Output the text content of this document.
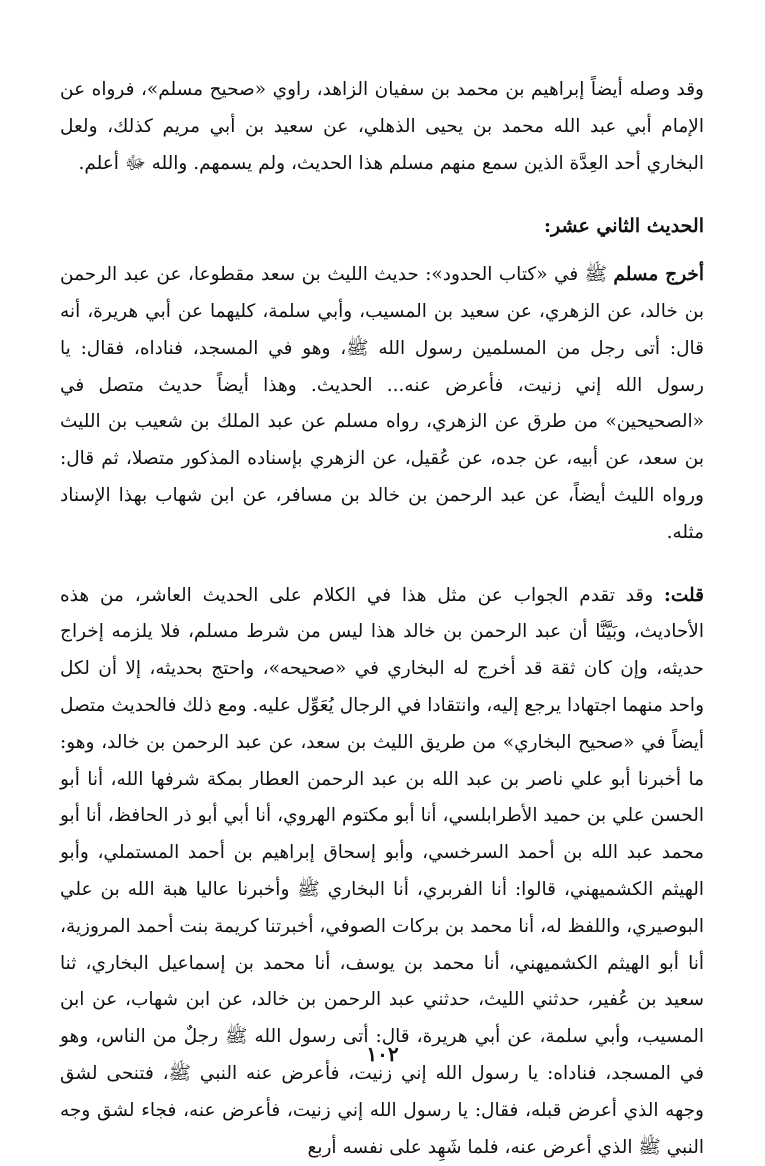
وقد وصله أيضاً إبراهيم بن محمد بن سفيان الزاهد، راوي «صحيح مسلم»، فرواه عن الإمام أبي عبد الله محمد بن يحيى الذهلي، عن سعيد بن أبي مريم كذلك، ولعل البخاري أحد العِدَّة الذين سمع منهم مسلم هذا الحديث، ولم يسمهم. والله ﷻ أعلم.

الحديث الثاني عشر:

أخرج مسلم ﷺ في «كتاب الحدود»: حديث الليث بن سعد مقطوعا، عن عبد الرحمن بن خالد، عن الزهري، عن سعيد بن المسيب، وأبي سلمة، كليهما عن أبي هريرة، أنه قال: أتى رجل من المسلمين رسول الله ﷺ، وهو في المسجد، فناداه، فقال: يا رسول الله إني زنيت، فأعرض عنه... الحديث. وهذا أيضاً حديث متصل في «الصحيحين» من طرق عن الزهري، رواه مسلم عن عبد الملك بن شعيب بن الليث بن سعد، عن أبيه، عن جده، عن عُقيل، عن الزهري بإسناده المذكور متصلا، ثم قال: ورواه الليث أيضاً، عن عبد الرحمن بن خالد بن مسافر، عن ابن شهاب بهذا الإسناد مثله.

قلت: وقد تقدم الجواب عن مثل هذا في الكلام على الحديث العاشر، من هذه الأحاديث، وبَيَّنَّا أن عبد الرحمن بن خالد هذا ليس من شرط مسلم، فلا يلزمه إخراج حديثه، وإن كان ثقة قد أخرج له البخاري في «صحيحه»، واحتج بحديثه، إلا أن لكل واحد منهما اجتهادا يرجع إليه، وانتقادا في الرجال يُعَوِّل عليه. ومع ذلك فالحديث متصل أيضاً في «صحيح البخاري» من طريق الليث بن سعد، عن عبد الرحمن بن خالد، وهو: ما أخبرنا أبو علي ناصر بن عبد الله بن عبد الرحمن العطار بمكة شرفها الله، أنا أبو الحسن علي بن حميد الأطرابلسي، أنا أبو مكتوم الهروي، أنا أبي أبو ذر الحافظ، أنا أبو محمد عبد الله بن أحمد السرخسي، وأبو إسحاق إبراهيم بن أحمد المستملي، وأبو الهيثم الكشميهني، قالوا: أنا الفربري، أنا البخاري ﷺ وأخبرنا عاليا هبة الله بن علي البوصيري، واللفظ له، أنا محمد بن بركات الصوفي، أخبرتنا كريمة بنت أحمد المروزية، أنا أبو الهيثم الكشميهني، أنا محمد بن يوسف، أنا محمد بن إسماعيل البخاري، ثنا سعيد بن عُفير، حدثني الليث، حدثني عبد الرحمن بن خالد، عن ابن شهاب، عن ابن المسيب، وأبي سلمة، عن أبي هريرة، قال: أتى رسول الله ﷺ رجلٌ من الناس، وهو في المسجد، فناداه: يا رسول الله إني زنيت، فأعرض عنه النبي ﷺ، فتنحى لشق وجهه الذي أعرض قبله، فقال: يا رسول الله إني زنيت، فأعرض عنه، فجاء لشق وجه النبي ﷺ الذي أعرض عنه، فلما شَهِد على نفسه أربع

١٠٢
